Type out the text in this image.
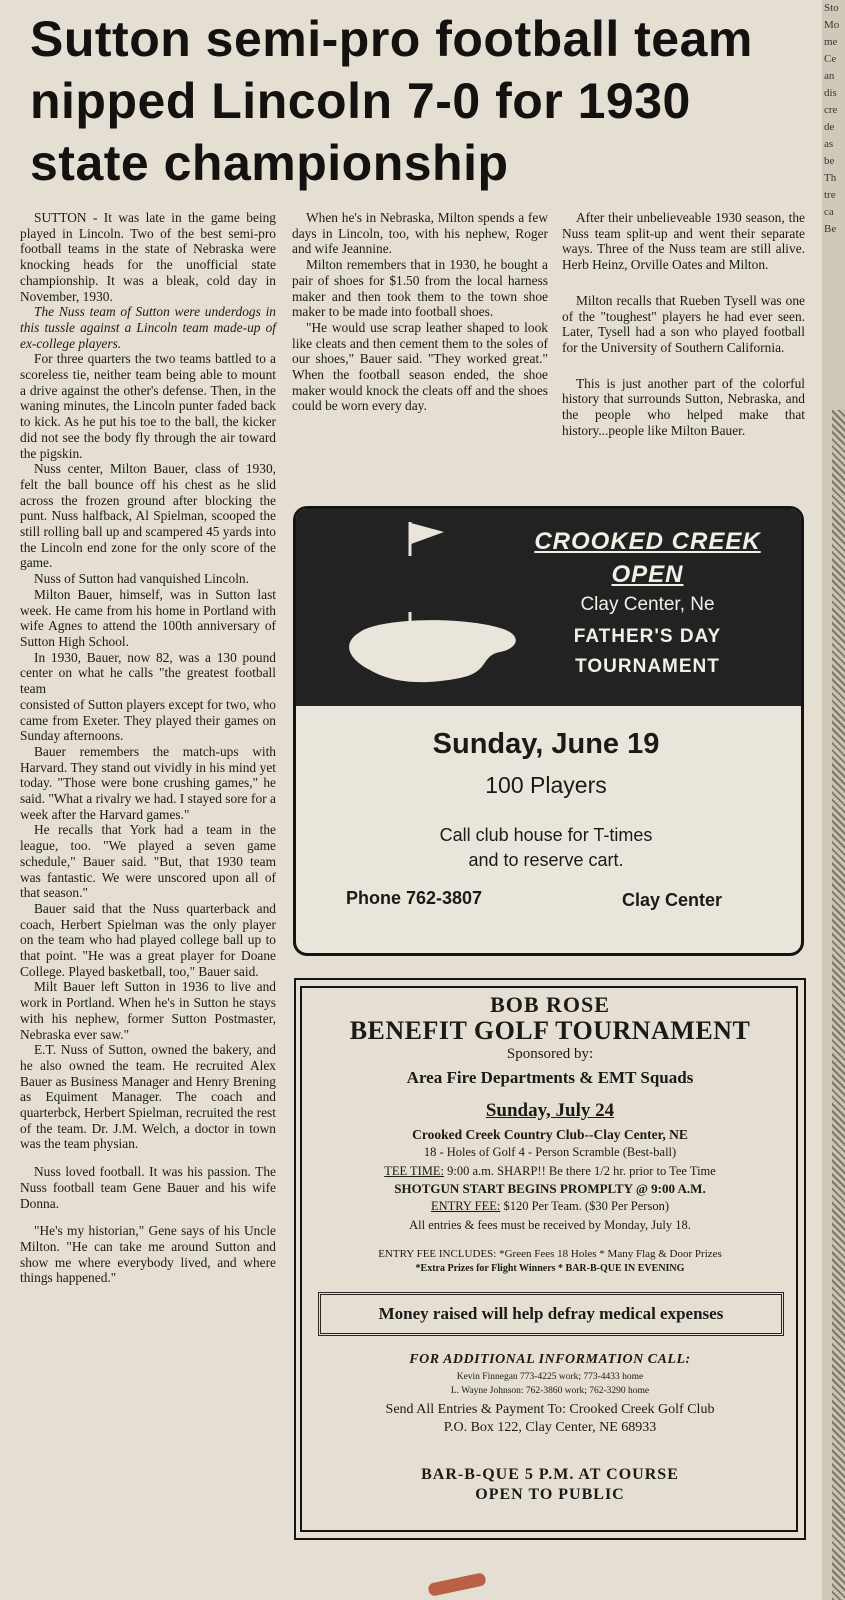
Sto
Mo
me
Ce
an
dis
cre
de
as
be
Th
tre
ca
Be
Sutton semi-pro football team nipped Lincoln 7-0 for 1930 state championship

SUTTON - It was late in the game being played in Lincoln. Two of the best semi-pro football teams in the state of Nebraska were knocking heads for the unofficial state championship. It was a bleak, cold day in November, 1930.

The Nuss team of Sutton were underdogs in this tussle against a Lincoln team made-up of ex-college players.

For three quarters the two teams battled to a scoreless tie, neither team being able to mount a drive against the other's defense. Then, in the waning minutes, the Lincoln punter faded back to kick. As he put his toe to the ball, the kicker did not see the body fly through the air toward the pigskin.

Nuss center, Milton Bauer, class of 1930, felt the ball bounce off his chest as he slid across the frozen ground after blocking the punt. Nuss halfback, Al Spielman, scooped the still rolling ball up and scampered 45 yards into the Lincoln end zone for the only score of the game.

Nuss of Sutton had vanquished Lincoln.

Milton Bauer, himself, was in Sutton last week. He came from his home in Portland with wife Agnes to attend the 100th anniversary of Sutton High School.

In 1930, Bauer, now 82, was a 130 pound center on what he calls "the greatest football team

consisted of Sutton players except for two, who came from Exeter. They played their games on Sunday afternoons.

Bauer remembers the match-ups with Harvard. They stand out vividly in his mind yet today. "Those were bone crushing games," he said. "What a rivalry we had. I stayed sore for a week after the Harvard games."

He recalls that York had a team in the league, too. "We played a seven game schedule," Bauer said. "But, that 1930 team was fantastic. We were unscored upon all of that season."

Bauer said that the Nuss quarterback and coach, Herbert Spielman was the only player on the team who had played college ball up to that point. "He was a great player for Doane College. Played basketball, too," Bauer said.

Milt Bauer left Sutton in 1936 to live and work in Portland. When he's in Sutton he stays with his nephew, former Sutton Postmaster, Nebraska ever saw."

E.T. Nuss of Sutton, owned the bakery, and he also owned the team. He recruited Alex Bauer as Business Manager and Henry Brening as Equiment Manager. The coach and quarterbck, Herbert Spielman, recruited the rest of the team. Dr. J.M. Welch, a doctor in town was the team physian.

Nuss loved football. It was his passion. The Nuss football team Gene Bauer and his wife Donna.

"He's my historian," Gene says of his Uncle Milton. "He can take me around Sutton and show me where everybody lived, and where things happened."

When he's in Nebraska, Milton spends a few days in Lincoln, too, with his nephew, Roger and wife Jeannine.

Milton remembers that in 1930, he bought a pair of shoes for $1.50 from the local harness maker and then took them to the town shoe maker to be made into football shoes.

"He would use scrap leather shaped to look like cleats and then cement them to the soles of our shoes," Bauer said. "They worked great." When the football season ended, the shoe maker would knock the cleats off and the shoes could be worn every day.

After their unbelieveable 1930 season, the Nuss team split-up and went their separate ways. Three of the Nuss team are still alive. Herb Heinz, Orville Oates and Milton.

Milton recalls that Rueben Tysell was one of the "toughest" players he had ever seen. Later, Tysell had a son who played football for the University of Southern California.

This is just another part of the colorful history that surrounds Sutton, Nebraska, and the people who helped make that history...people like Milton Bauer.

CROOKED CREEK
OPEN
Clay Center, Ne
FATHER'S DAY
TOURNAMENT
Sunday, June 19
100 Players
Call club house for T-times
and to reserve cart.
Phone 762-3807	Clay Center
BOB ROSE
BENEFIT GOLF TOURNAMENT
Sponsored by:
Area Fire Departments & EMT Squads
Sunday, July 24
Crooked Creek Country Club--Clay Center, NE
18 - Holes of Golf 4 - Person Scramble (Best-ball)
TEE TIME: 9:00 a.m. SHARP!! Be there 1/2 hr. prior to Tee Time
SHOTGUN START BEGINS PROMPLTY @ 9:00 A.M.
ENTRY FEE: $120 Per Team. ($30 Per Person)
All entries & fees must be received by Monday, July 18.
ENTRY FEE INCLUDES: *Green Fees 18 Holes * Many Flag & Door Prizes
*Extra Prizes for Flight Winners * BAR-B-QUE IN EVENING
Money raised will help defray medical expenses
FOR ADDITIONAL INFORMATION CALL:
Kevin Finnegan 773-4225 work; 773-4433 home
L. Wayne Johnson: 762-3860 work; 762-3290 home
Send All Entries & Payment To: Crooked Creek Golf Club
P.O. Box 122, Clay Center, NE 68933
BAR-B-QUE 5 P.M. AT COURSE
OPEN TO PUBLIC
